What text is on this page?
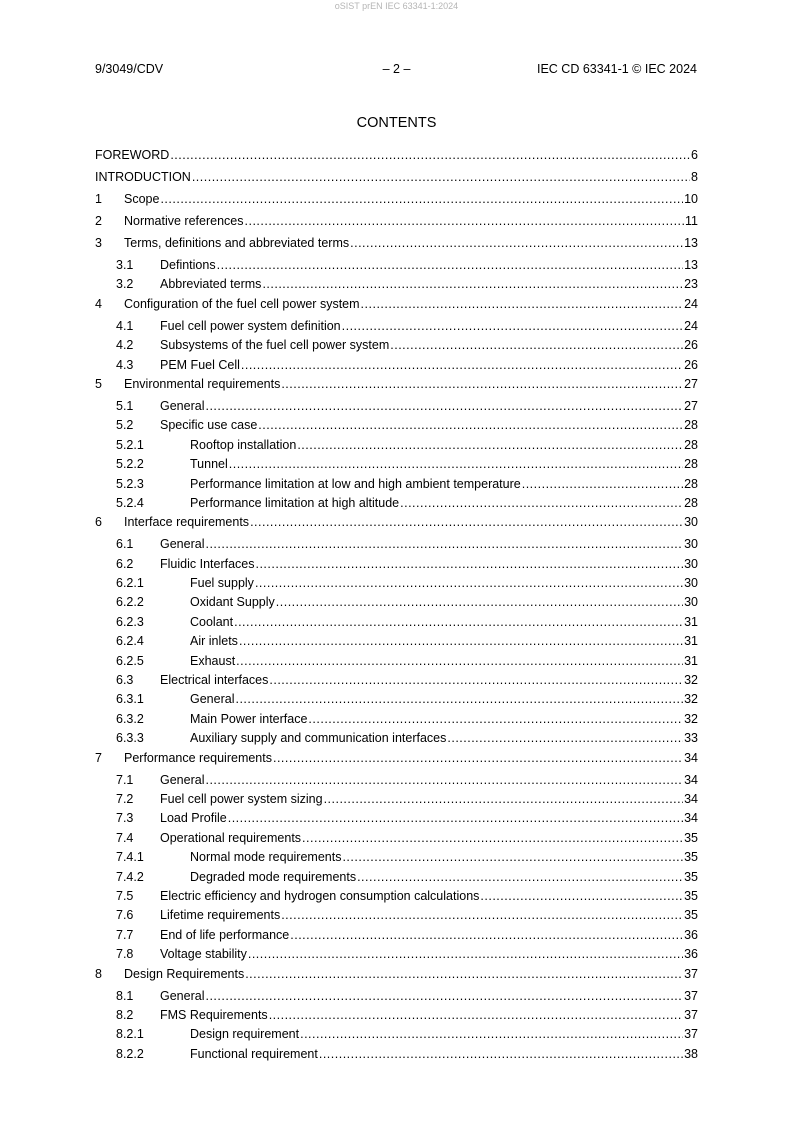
oSIST prEN IEC 63341-1:2024
9/3049/CDV	– 2 –	IEC CD 63341-1 © IEC 2024
CONTENTS
FOREWORD .....	6
INTRODUCTION .....	8
1 Scope .....	10
2 Normative references .....	11
3 Terms, definitions and abbreviated terms .....	13
3.1 Defintions .....	13
3.2 Abbreviated terms .....	23
4 Configuration of the fuel cell power system .....	24
4.1 Fuel cell power system definition .....	24
4.2 Subsystems of the fuel cell power system .....	26
4.3 PEM Fuel Cell .....	26
5 Environmental requirements .....	27
5.1 General .....	27
5.2 Specific use case .....	28
5.2.1	Rooftop installation .....	28
5.2.2	Tunnel .....	28
5.2.3	Performance limitation at low and high ambient temperature .....	28
5.2.4	Performance limitation at high altitude .....	28
6 Interface requirements .....	30
6.1 General .....	30
6.2 Fluidic Interfaces .....	30
6.2.1	Fuel supply .....	30
6.2.2	Oxidant Supply .....	30
6.2.3	Coolant .....	31
6.2.4	Air inlets .....	31
6.2.5	Exhaust .....	31
6.3 Electrical interfaces .....	32
6.3.1	General .....	32
6.3.2	Main Power interface .....	32
6.3.3	Auxiliary supply and communication interfaces .....	33
7 Performance requirements .....	34
7.1 General .....	34
7.2 Fuel cell power system sizing .....	34
7.3 Load Profile .....	34
7.4 Operational requirements .....	35
7.4.1	Normal mode requirements .....	35
7.4.2	Degraded mode requirements .....	35
7.5 Electric efficiency and hydrogen consumption calculations .....	35
7.6 Lifetime requirements .....	35
7.7 End of life performance .....	36
7.8 Voltage stability .....	36
8 Design Requirements .....	37
8.1 General .....	37
8.2 FMS Requirements .....	37
8.2.1	Design requirement .....	37
8.2.2	Functional requirement .....	38
